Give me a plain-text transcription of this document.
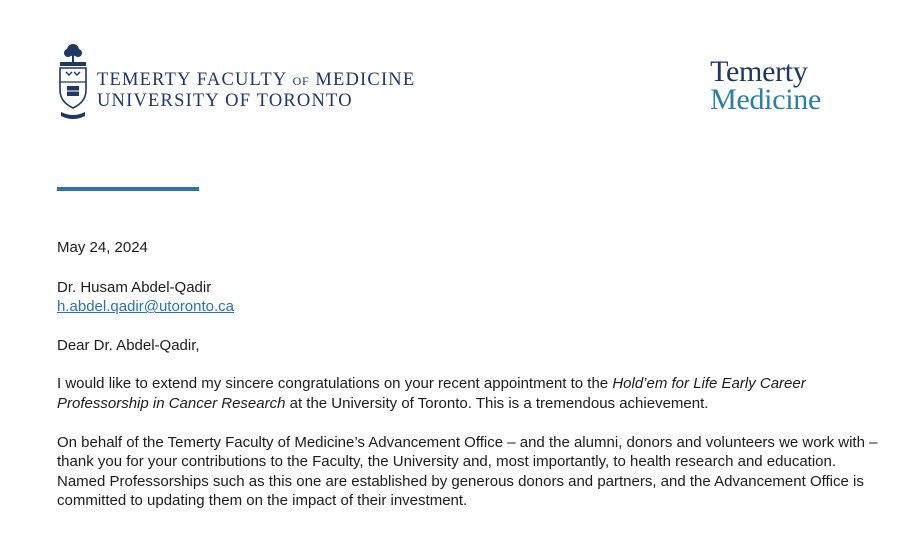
TEMERTY FACULTY OF MEDICINE
UNIVERSITY OF TORONTO
Temerty
Medicine

May 24, 2024

Dr. Husam Abdel-Qadir

h.abdel.qadir@utoronto.ca

Dear Dr. Abdel-Qadir,

I would like to extend my sincere congratulations on your recent appointment to the Hold’em for Life Early Career Professorship in Cancer Research at the University of Toronto. This is a tremendous achievement.

On behalf of the Temerty Faculty of Medicine’s Advancement Office – and the alumni, donors and volunteers we work with – thank you for your contributions to the Faculty, the University and, most importantly, to health research and education. Named Professorships such as this one are established by generous donors and partners, and the Advancement Office is committed to updating them on the impact of their investment.
